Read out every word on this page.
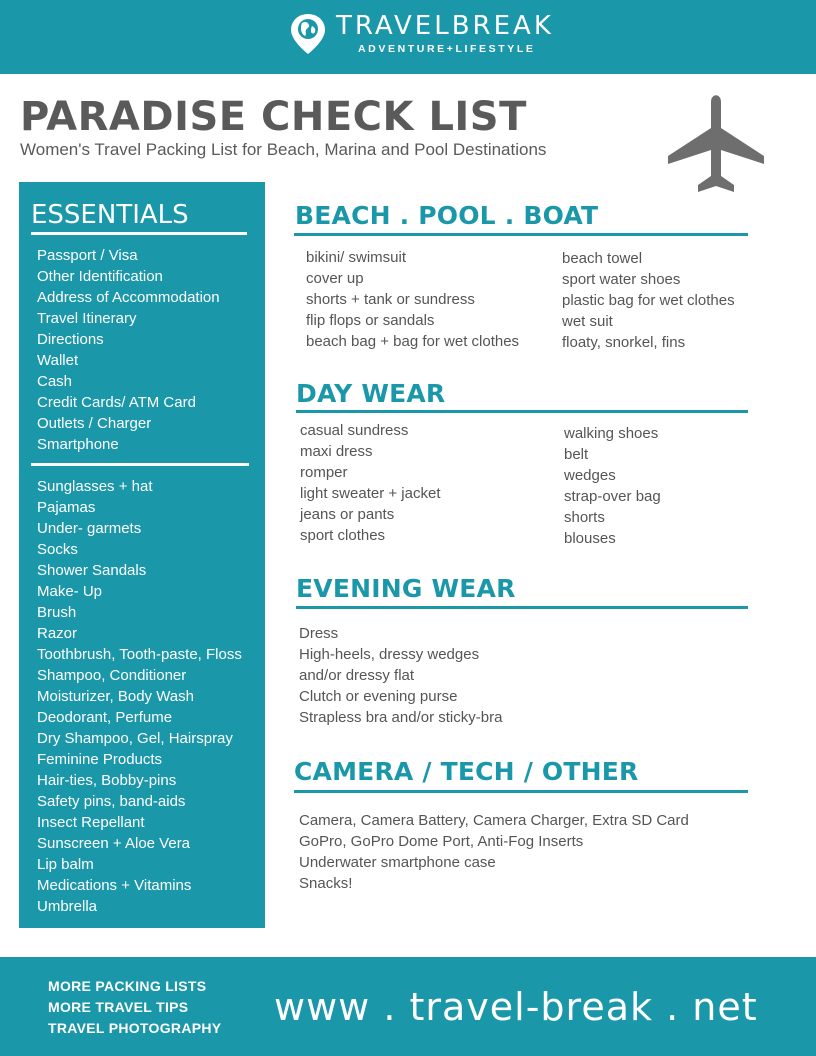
TRAVELBREAK
ADVENTURE+LIFESTYLE
PARADISE CHECK LIST
Women's Travel Packing List for Beach, Marina and Pool Destinations
ESSENTIALS
Passport / Visa
Other Identification
Address of Accommodation
Travel Itinerary
Directions
Wallet
Cash
Credit Cards/ ATM Card
Outlets / Charger
Smartphone
Sunglasses + hat
Pajamas
Under- garmets
Socks
Shower Sandals
Make- Up
Brush
Razor
Toothbrush, Tooth-paste, Floss
Shampoo, Conditioner
Moisturizer, Body Wash
Deodorant, Perfume
Dry Shampoo, Gel, Hairspray
Feminine Products
Hair-ties, Bobby-pins
Safety pins, band-aids
Insect Repellant
Sunscreen + Aloe Vera
Lip balm
Medications + Vitamins
Umbrella
BEACH . POOL . BOAT
bikini/ swimsuit
cover up
shorts + tank or sundress
flip flops or sandals
beach bag + bag for wet clothes
beach towel
sport water shoes
plastic bag for wet clothes
wet suit
floaty, snorkel, fins
DAY WEAR
casual sundress
maxi dress
romper
light sweater + jacket
jeans or pants
sport clothes
walking shoes
belt
wedges
strap-over bag
shorts
blouses
EVENING WEAR
Dress
High-heels, dressy wedges
and/or dressy flat
Clutch or evening purse
Strapless bra and/or sticky-bra
CAMERA / TECH / OTHER
Camera, Camera Battery, Camera Charger, Extra SD Card
GoPro, GoPro Dome Port, Anti-Fog Inserts
Underwater smartphone case
Snacks!
MORE PACKING LISTS
MORE TRAVEL TIPS
TRAVEL PHOTOGRAPHY www . travel-break . net
